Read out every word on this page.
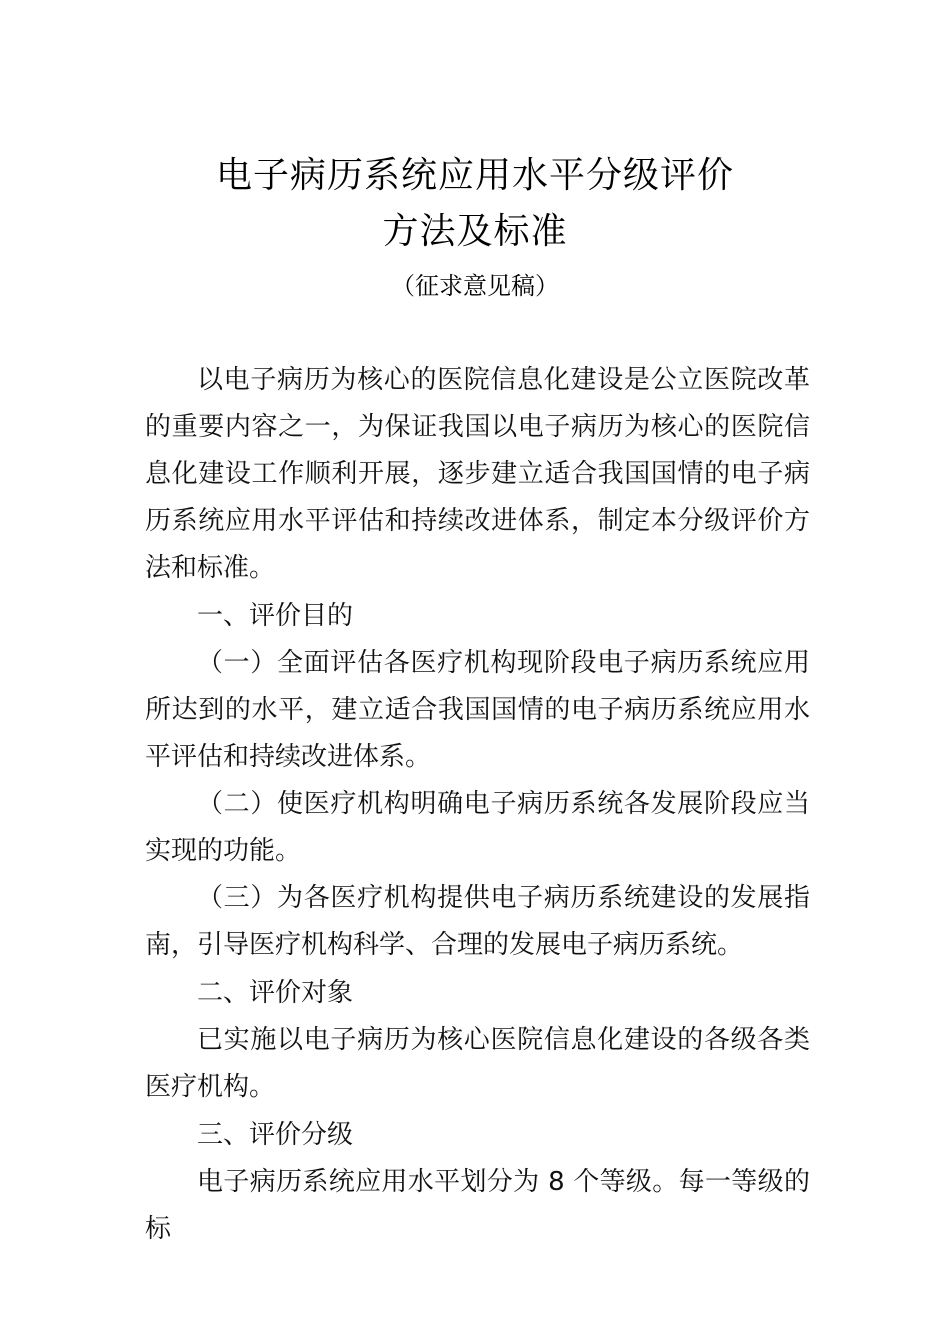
电子病历系统应用水平分级评价
方法及标准
（征求意见稿）

以电子病历为核心的医院信息化建设是公立医院改革的重要内容之一，为保证我国以电子病历为核心的医院信息化建设工作顺利开展，逐步建立适合我国国情的电子病历系统应用水平评估和持续改进体系，制定本分级评价方法和标准。

一、评价目的

（一）全面评估各医疗机构现阶段电子病历系统应用所达到的水平，建立适合我国国情的电子病历系统应用水平评估和持续改进体系。

（二）使医疗机构明确电子病历系统各发展阶段应当实现的功能。

（三）为各医疗机构提供电子病历系统建设的发展指南，引导医疗机构科学、合理的发展电子病历系统。

二、评价对象

已实施以电子病历为核心医院信息化建设的各级各类医疗机构。

三、评价分级

电子病历系统应用水平划分为 8 个等级。每一等级的标
